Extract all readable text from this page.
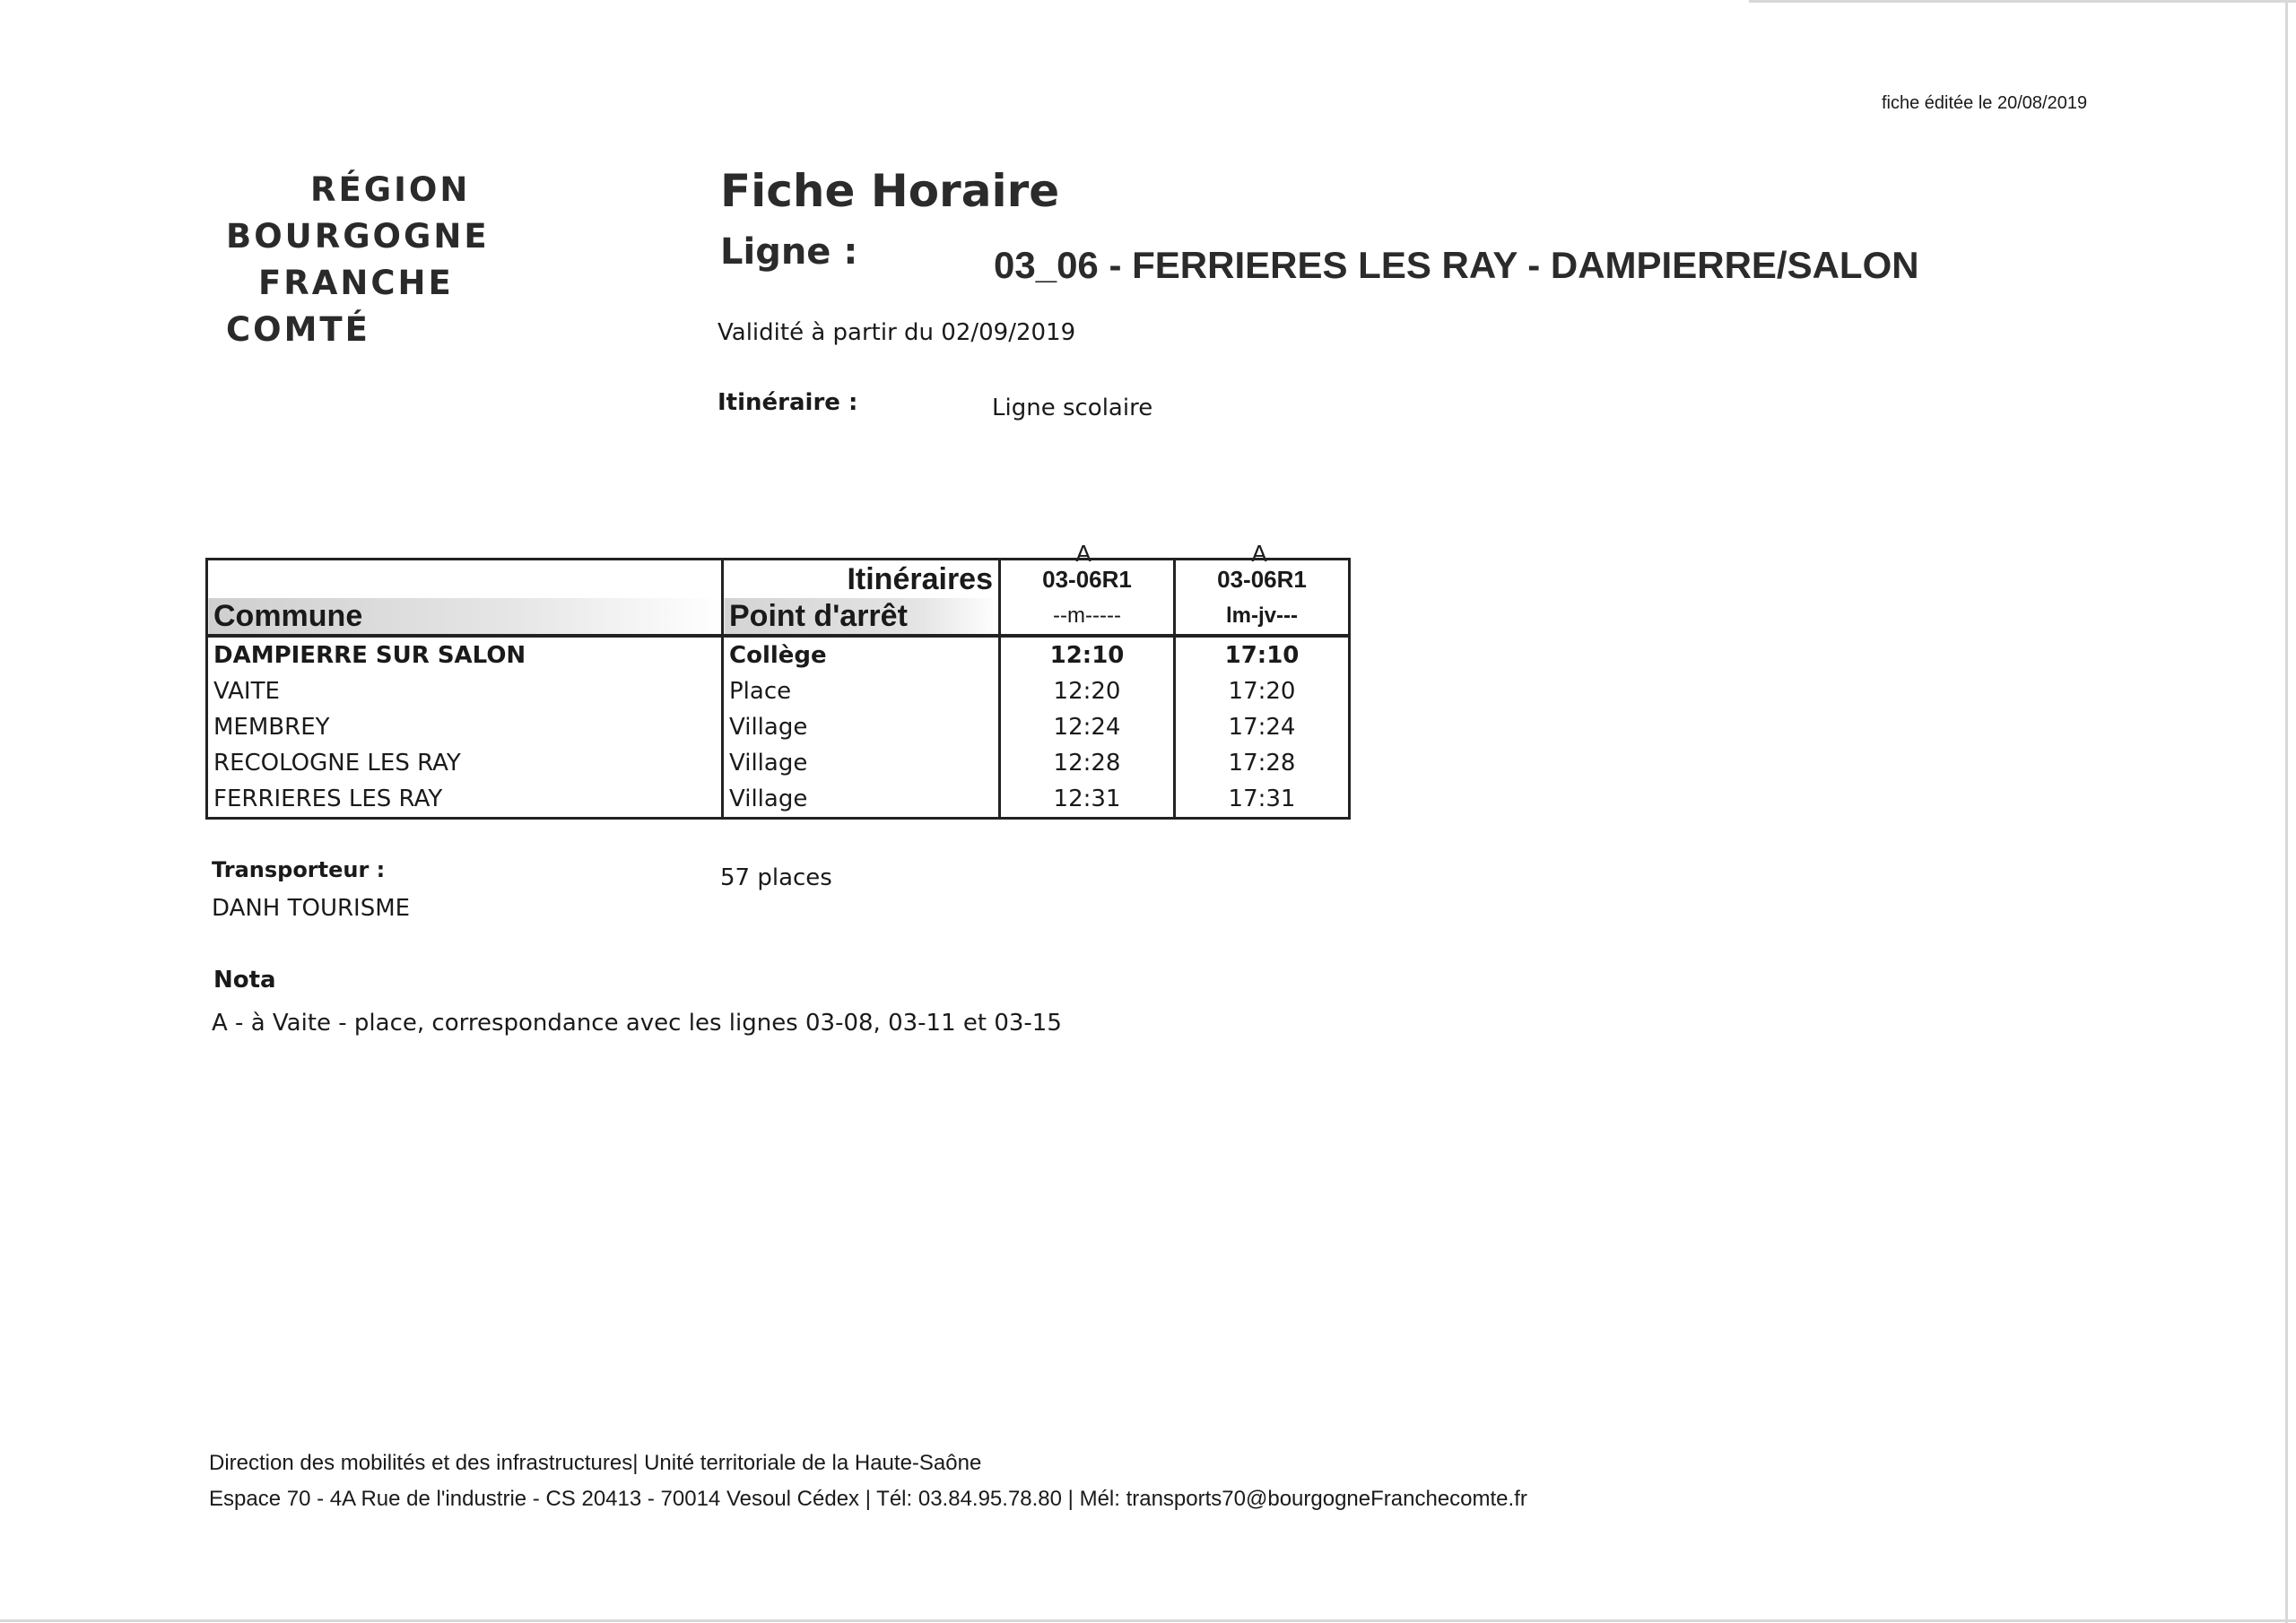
fiche éditée le 20/08/2019
RÉGION
BOURGOGNE
FRANCHE
COMTÉ
Fiche Horaire
Ligne :	03_06 - FERRIERES LES RAY - DAMPIERRE/SALON
Validité à partir du 02/09/2019
Itinéraire :	Ligne scolaire
A	A
	Itinéraires	03-06R1	03-06R1
Commune	Point d'arrêt	--m-----	lm-jv---
DAMPIERRE SUR SALON	Collège	12:10	17:10
VAITE	Place	12:20	17:20
MEMBREY	Village	12:24	17:24
RECOLOGNE LES RAY	Village	12:28	17:28
FERRIERES LES RAY	Village	12:31	17:31
Transporteur :
DANH TOURISME
57 places
Nota
A - à Vaite - place, correspondance avec les lignes 03-08, 03-11 et 03-15
Direction des mobilités et des infrastructures| Unité territoriale de la Haute-Saône
Espace 70 - 4A Rue de l'industrie - CS 20413 - 70014 Vesoul Cédex | Tél: 03.84.95.78.80 | Mél: transports70@bourgogneFranchecomte.fr
